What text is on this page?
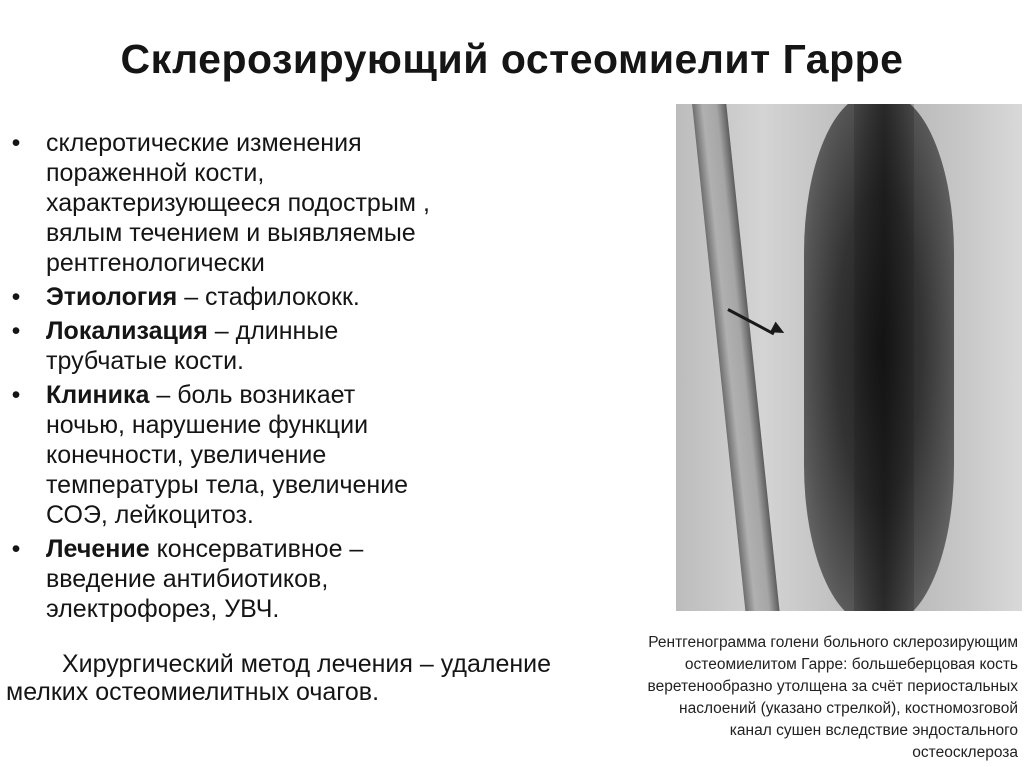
Склерозирующий остеомиелит Гарре
• склеротические изменения
пораженной кости,
характеризующееся подострым ,
вялым течением и выявляемые
рентгенологически
• Этиология – стафилококк.
• Локализация – длинные
трубчатые кости.
• Клиника – боль возникает
ночью, нарушение функции
конечности, увеличение
температуры тела, увеличение
СОЭ, лейкоцитоз.
• Лечение консервативное –
введение антибиотиков,
электрофорез, УВЧ.

Хирургический метод лечения – удаление мелких остеомиелитных очагов.

Рентгенограмма голени больного склерозирующим
остеомиелитом Гарре: большеберцовая кость
веретенообразно утолщена за счёт периостальных
наслоений (указано стрелкой), костномозговой
канал сушен вследствие эндостального
остеосклероза
